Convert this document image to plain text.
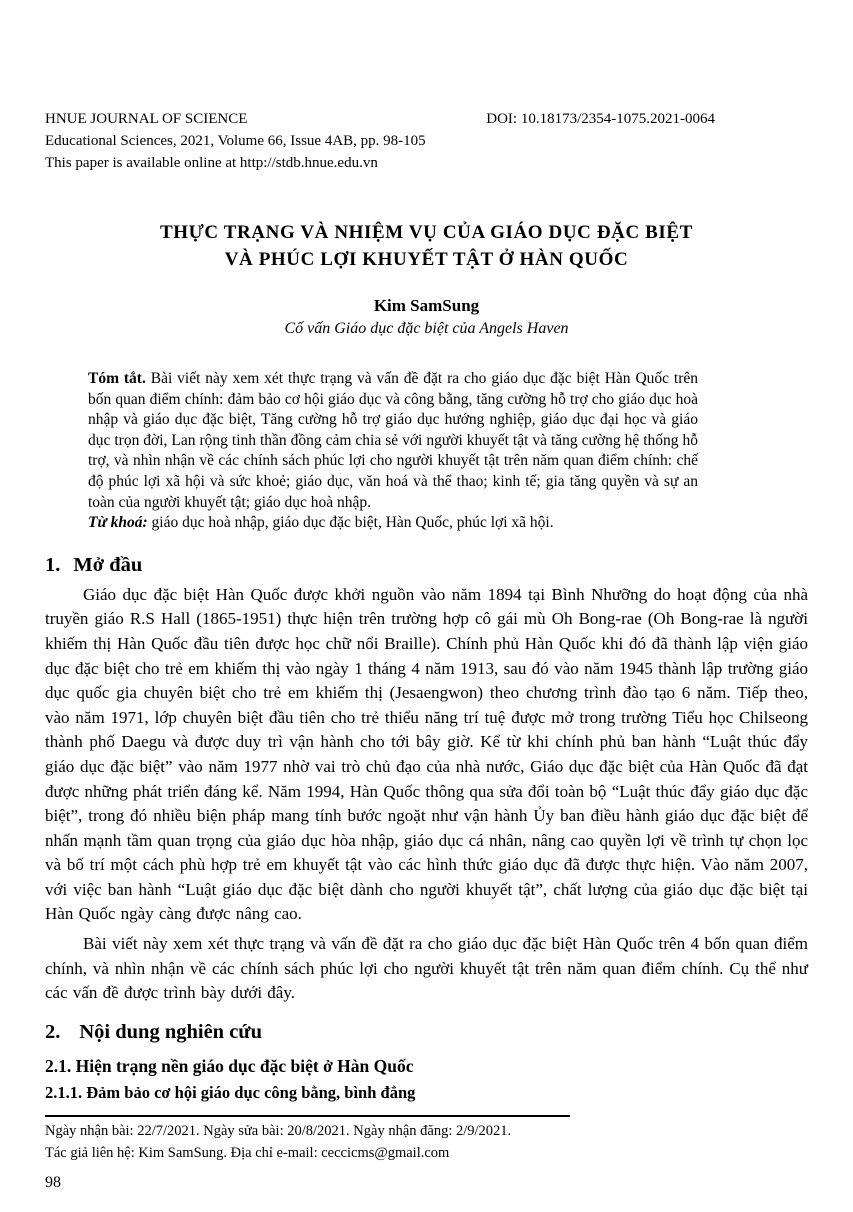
HNUE JOURNAL OF SCIENCE	DOI: 10.18173/2354-1075.2021-0064
Educational Sciences, 2021, Volume 66, Issue 4AB, pp. 98-105
This paper is available online at http://stdb.hnue.edu.vn
THỰC TRẠNG VÀ NHIỆM VỤ CỦA GIÁO DỤC ĐẶC BIỆT
VÀ PHÚC LỢI KHUYẾT TẬT Ở HÀN QUỐC
Kim SamSung
Cố vấn Giáo dục đặc biệt của Angels Haven
Tóm tắt. Bài viết này xem xét thực trạng và vấn đề đặt ra cho giáo dục đặc biệt Hàn Quốc trên bốn quan điểm chính: đảm bảo cơ hội giáo dục và công bằng, tăng cường hỗ trợ cho giáo dục hoà nhập và giáo dục đặc biệt, Tăng cường hỗ trợ giáo dục hướng nghiệp, giáo dục đại học và giáo dục trọn đời, Lan rộng tinh thần đồng cảm chia sẻ với người khuyết tật và tăng cường hệ thống hỗ trợ, và nhìn nhận về các chính sách phúc lợi cho người khuyết tật trên năm quan điểm chính: chế độ phúc lợi xã hội và sức khoẻ; giáo dục, văn hoá và thể thao; kinh tế; gia tăng quyền và sự an toàn của người khuyết tật; giáo dục hoà nhập.
Từ khoá: giáo dục hoà nhập, giáo dục đặc biệt, Hàn Quốc, phúc lợi xã hội.
1. Mở đầu

Giáo dục đặc biệt Hàn Quốc được khởi nguồn vào năm 1894 tại Bình Nhưỡng do hoạt động của nhà truyền giáo R.S Hall (1865-1951) thực hiện trên trường hợp cô gái mù Oh Bong-rae (Oh Bong-rae là người khiếm thị Hàn Quốc đầu tiên được học chữ nổi Braille). Chính phủ Hàn Quốc khi đó đã thành lập viện giáo dục đặc biệt cho trẻ em khiếm thị vào ngày 1 tháng 4 năm 1913, sau đó vào năm 1945 thành lập trường giáo dục quốc gia chuyên biệt cho trẻ em khiếm thị (Jesaengwon) theo chương trình đào tạo 6 năm. Tiếp theo, vào năm 1971, lớp chuyên biệt đầu tiên cho trẻ thiểu năng trí tuệ được mở trong trường Tiểu học Chilseong thành phố Daegu và được duy trì vận hành cho tới bây giờ. Kể từ khi chính phủ ban hành “Luật thúc đẩy giáo dục đặc biệt” vào năm 1977 nhờ vai trò chủ đạo của nhà nước, Giáo dục đặc biệt của Hàn Quốc đã đạt được những phát triển đáng kể. Năm 1994, Hàn Quốc thông qua sửa đổi toàn bộ “Luật thúc đẩy giáo dục đặc biệt”, trong đó nhiều biện pháp mang tính bước ngoặt như vận hành Ủy ban điều hành giáo dục đặc biệt để nhấn mạnh tầm quan trọng của giáo dục hòa nhập, giáo dục cá nhân, nâng cao quyền lợi về trình tự chọn lọc và bố trí một cách phù hợp trẻ em khuyết tật vào các hình thức giáo dục đã được thực hiện. Vào năm 2007, với việc ban hành “Luật giáo dục đặc biệt dành cho người khuyết tật”, chất lượng của giáo dục đặc biệt tại Hàn Quốc ngày càng được nâng cao.

Bài viết này xem xét thực trạng và vấn đề đặt ra cho giáo dục đặc biệt Hàn Quốc trên 4 bốn quan điểm chính, và nhìn nhận về các chính sách phúc lợi cho người khuyết tật trên năm quan điểm chính. Cụ thể như các vấn đề được trình bày dưới đây.

2. Nội dung nghiên cứu
2.1. Hiện trạng nền giáo dục đặc biệt ở Hàn Quốc
2.1.1. Đảm bảo cơ hội giáo dục công bằng, bình đẳng
Ngày nhận bài: 22/7/2021. Ngày sửa bài: 20/8/2021. Ngày nhận đăng: 2/9/2021.
Tác giả liên hệ: Kim SamSung. Địa chỉ e-mail: ceccicms@gmail.com
98
